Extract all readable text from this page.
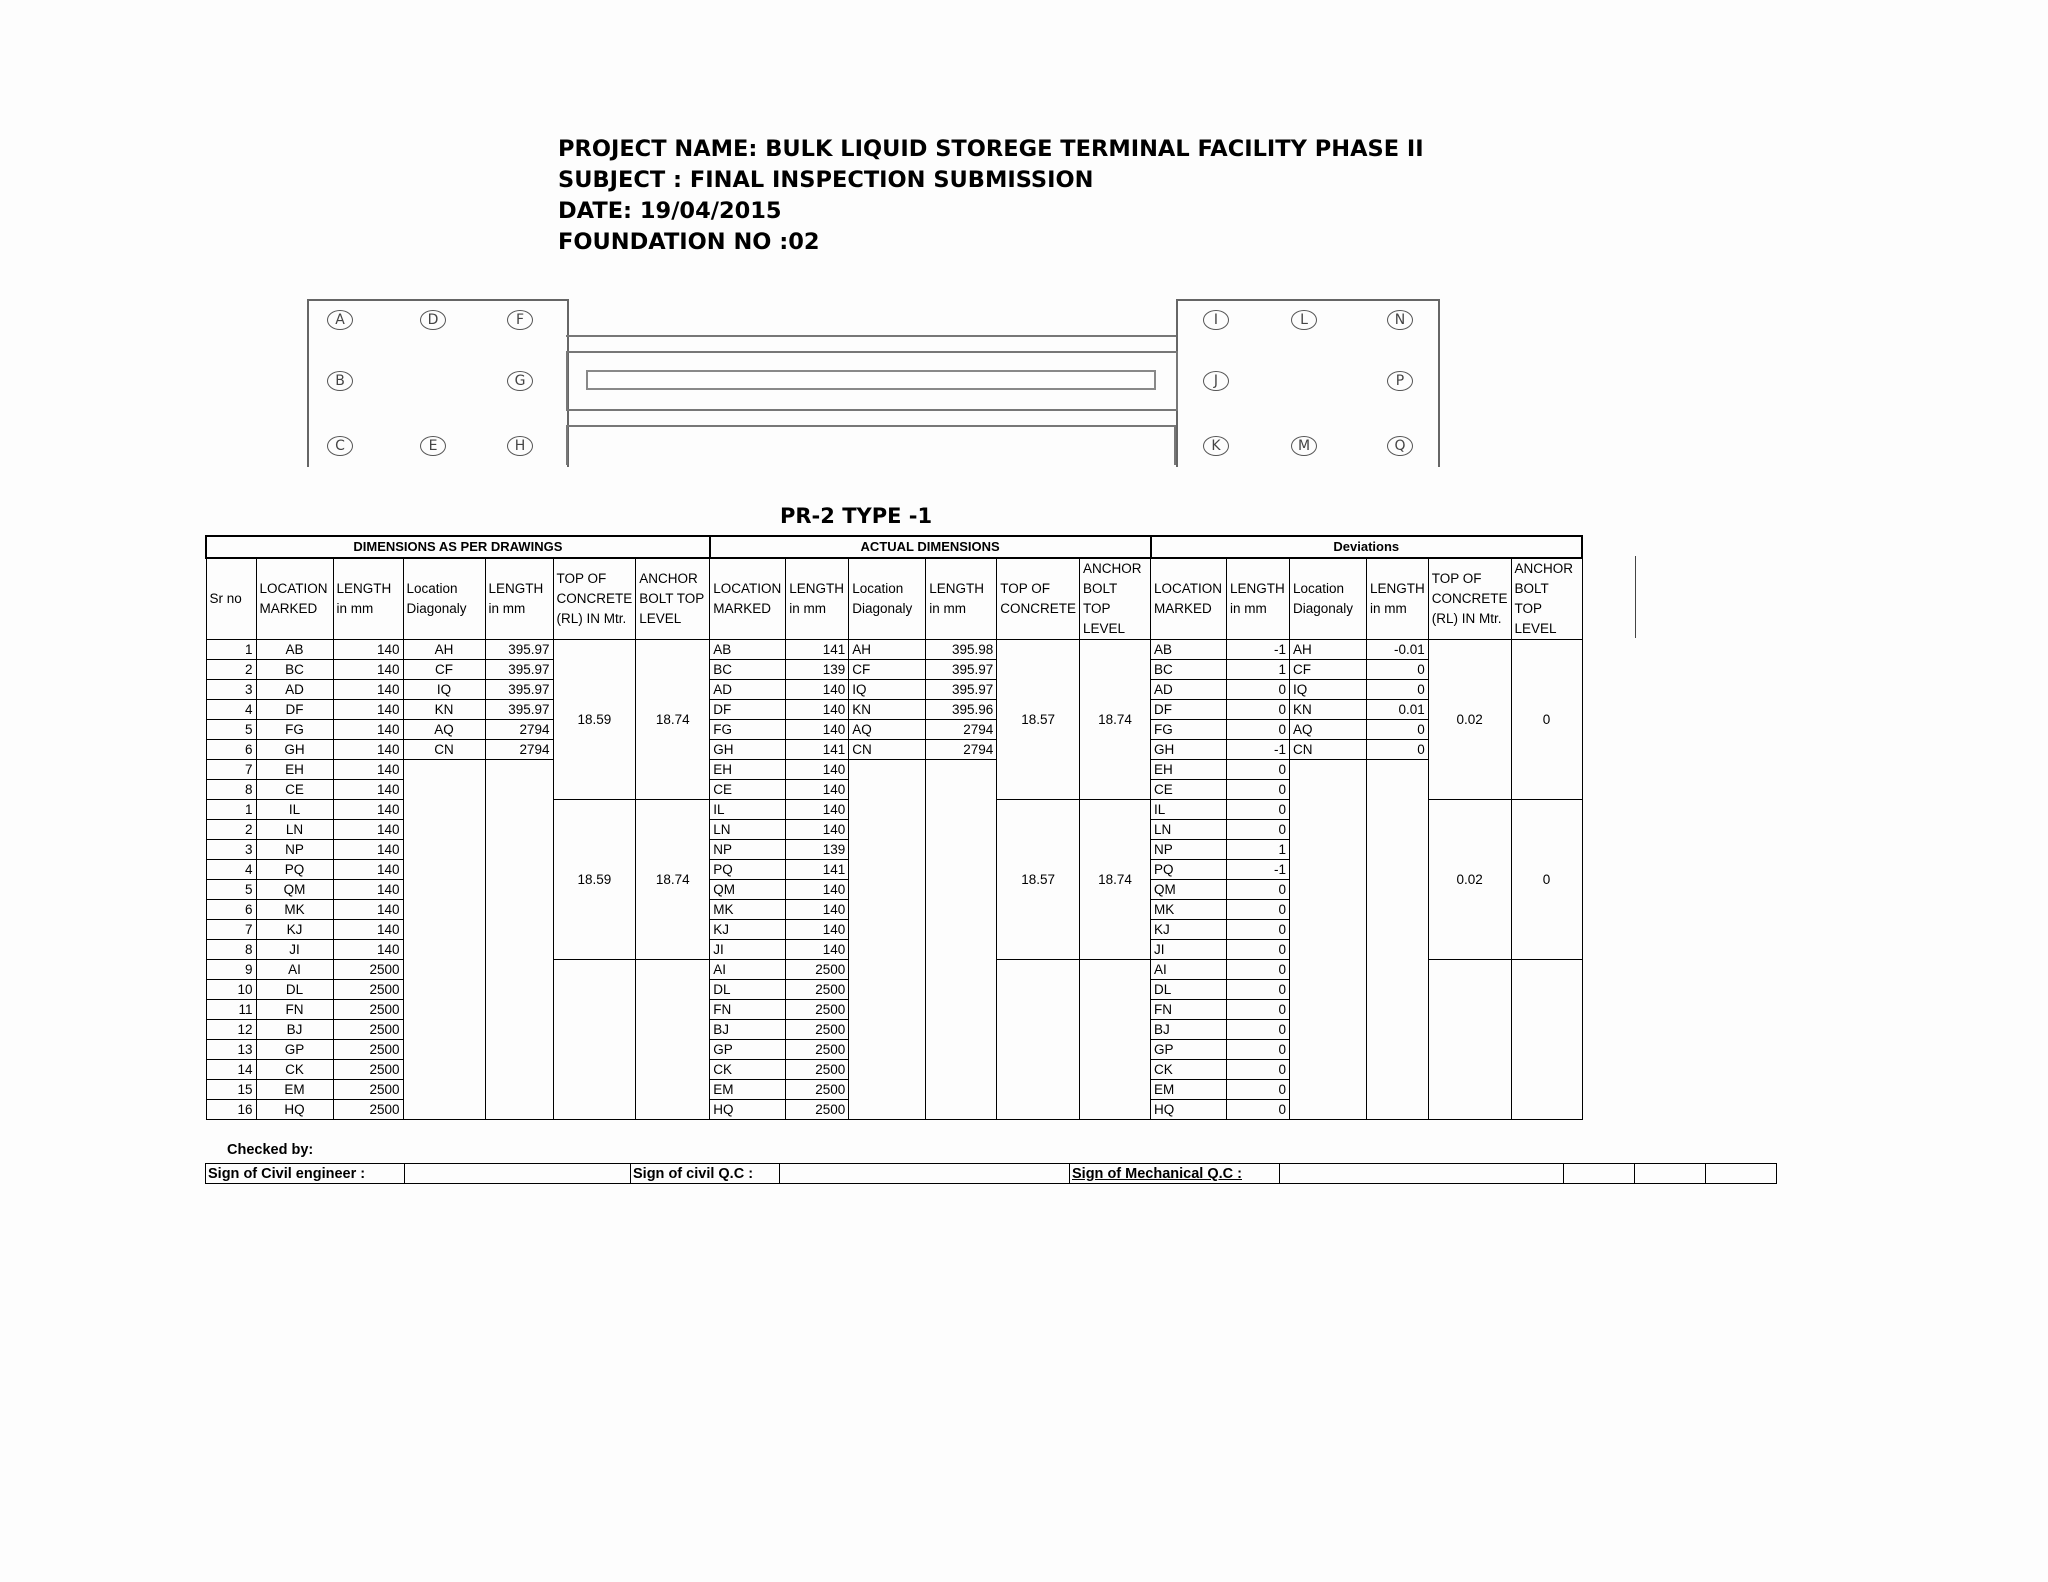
PROJECT NAME: BULK LIQUID STOREGE TERMINAL FACILITY PHASE II
SUBJECT : FINAL INSPECTION SUBMISSION
DATE: 19/04/2015
FOUNDATION NO :02
A	D	F
B	G
C	E	H
I	L	N
J	P
K	M	Q
PR-2 TYPE -1
DIMENSIONS AS PER DRAWINGS							ACTUAL DIMENSIONS						Deviations					
Sr no	LOCATION MARKED	LENGTH in mm	Location Diagonaly	LENGTH in mm	TOP OF CONCRETE (RL) IN Mtr.	ANCHOR BOLT TOP LEVEL	LOCATION MARKED	LENGTH in mm	Location Diagonaly	LENGTH in mm	TOP OF CONCRETE	ANCHOR BOLT TOP LEVEL	LOCATION MARKED	LENGTH in mm	Location Diagonaly	LENGTH in mm	TOP OF CONCRETE (RL) IN Mtr.	ANCHOR BOLT TOP LEVEL
1	AB	140	AH	395.97	18.59	18.74	AB	141	AH	395.98	18.57	18.74	AB	-1	AH	-0.01	0.02	0
2	BC	140	CF	395.97			BC	139	CF	395.97			BC	1	CF	0		
3	AD	140	IQ	395.97			AD	140	IQ	395.97			AD	0	IQ	0		
4	DF	140	KN	395.97			DF	140	KN	395.96			DF	0	KN	0.01		
5	FG	140	AQ	2794			FG	140	AQ	2794			FG	0	AQ	0		
6	GH	140	CN	2794			GH	141	CN	2794			GH	-1	CN	0		
7	EH	140					EH	140					EH	0				
8	CE	140					CE	140					CE	0				
1	IL	140			18.59	18.74	IL	140			18.57	18.74	IL	0			0.02	0
2	LN	140					LN	140					LN	0				
3	NP	140					NP	139					NP	1				
4	PQ	140					PQ	141					PQ	-1				
5	QM	140					QM	140					QM	0				
6	MK	140					MK	140					MK	0				
7	KJ	140					KJ	140					KJ	0				
8	JI	140					JI	140					JI	0				
9	AI	2500					AI	2500					AI	0				
10	DL	2500					DL	2500					DL	0				
11	FN	2500					FN	2500					FN	0				
12	BJ	2500					BJ	2500					BJ	0				
13	GP	2500					GP	2500					GP	0				
14	CK	2500					CK	2500					CK	0				
15	EM	2500					EM	2500					EM	0				
16	HQ	2500					HQ	2500					HQ	0				
Checked by:
Sign of Civil engineer :		Sign of civil Q.C :		Sign of Mechanical Q.C :				
